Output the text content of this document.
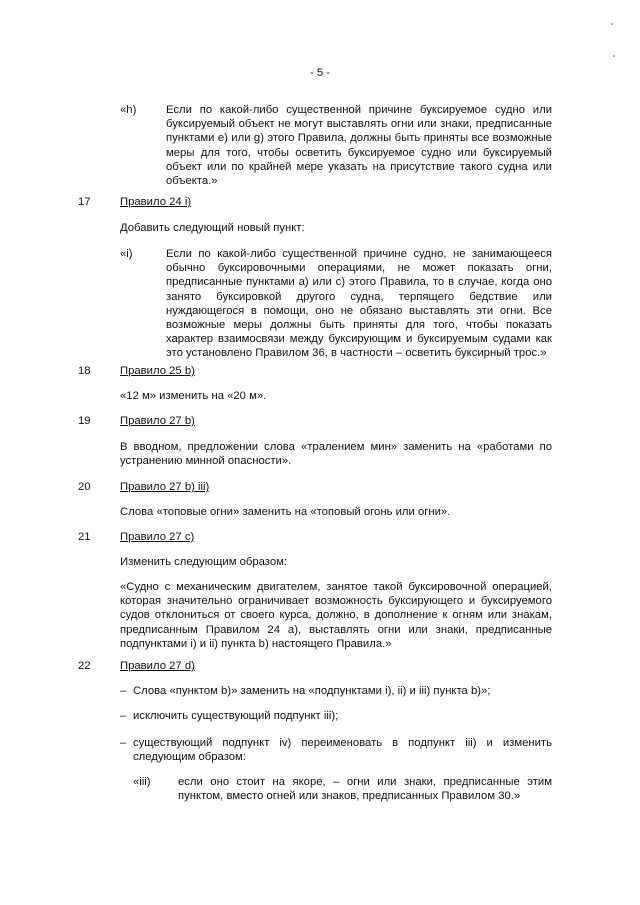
- 5 -
«h)	Если по какой-либо существенной причине буксируемое судно или буксируемый объект не могут выставлять огни или знаки, предписанные пунктами e) или g) этого Правила, должны быть приняты все возможные меры для того, чтобы осветить буксируемое судно или буксируемый объект или по крайней мере указать на присутствие такого судна или объекта.»
17	Правило 24 i)
Добавить следующий новый пункт:
«i)	Если по какой-либо существенной причине судно, не занимающееся обычно буксировочными операциями, не может показать огни, предписанные пунктами a) или c) этого Правила, то в случае, когда оно занято буксировкой другого судна, терпящего бедствие или нуждающегося в помощи, оно не обязано выставлять эти огни. Все возможные меры должны быть приняты для того, чтобы показать характер взаимосвязи между буксирующим и буксируемым судами как это установлено Правилом 36, в частности – осветить буксирный трос.»
18	Правило 25 b)
«12 м» изменить на «20 м».
19	Правило 27 b)
В вводном, предложении слова «тралением мин» заменить на «работами по устранению минной опасности».
20	Правило 27 b) iii)
Слова «топовые огни» заменить на «топовый огонь или огни».
21	Правило 27 c)
Изменить следующим образом:
«Судно с механическим двигателем, занятое такой буксировочной операцией, которая значительно ограничивает возможность буксирующего и буксируемого судов отклониться от своего курса, должно, в дополнение к огням или знакам, предписанным Правилом 24 a), выставлять огни или знаки, предписанные подпунктами i) и ii) пункта b) настоящего Правила.»
22	Правило 27 d)
– Слова «пунктом b)» заменить на «подпунктами i), ii) и iii) пункта b)»;
– исключить существующий подпункт iii);
– существующий подпункт iv) переименовать в подпункт iii) и изменить следующим образом:
«iii) если оно стоит на якоре, – огни или знаки, предписанные этим пунктом, вместо огней или знаков, предписанных Правилом 30.»
